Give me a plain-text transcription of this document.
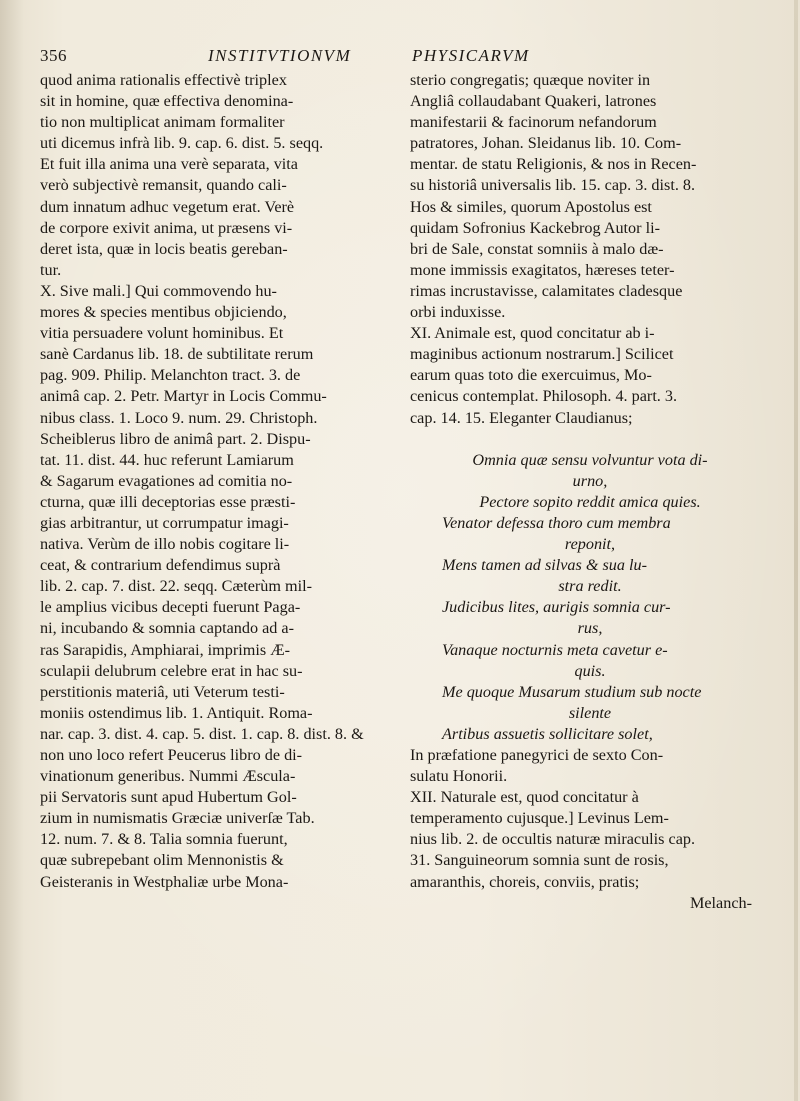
356	INSTITVTIONVM	PHYSICARVM
quod anima rationalis effectivè triplex
sit in homine, quæ effectiva denomina-
tio non multiplicat animam formaliter
uti dicemus infrà lib. 9. cap. 6. dist. 5. seqq.
Et fuit illa anima una verè separata, vita
verò subjectivè remansit, quando cali-
dum innatum adhuc vegetum erat. Verè
de corpore exivit anima, ut præsens vi-
deret ista, quæ in locis beatis gereban-
tur.
X. Sive mali.] Qui commovendo hu-
mores & species mentibus objiciendo,
vitia persuadere volunt hominibus. Et
sanè Cardanus lib. 18. de subtilitate rerum
pag. 909. Philip. Melanchton tract. 3. de
animâ cap. 2. Petr. Martyr in Locis Commu-
nibus class. 1. Loco 9. num. 29. Christoph.
Scheiblerus libro de animâ part. 2. Dispu-
tat. 11. dist. 44. huc referunt Lamiarum
& Sagarum evagationes ad comitia no-
cturna, quæ illi deceptorias esse præsti-
gias arbitrantur, ut corrumpatur imagi-
nativa. Verùm de illo nobis cogitare li-
ceat, & contrarium defendimus suprà
lib. 2. cap. 7. dist. 22. seqq. Cæterùm mil-
le amplius vicibus decepti fuerunt Paga-
ni, incubando & somnia captando ad a-
ras Sarapidis, Amphiarai, imprimis Æ-
sculapii delubrum celebre erat in hac su-
perstitionis materiâ, uti Veterum testi-
moniis ostendimus lib. 1. Antiquit. Roma-
nar. cap. 3. dist. 4. cap. 5. dist. 1. cap. 8. dist. 8. &
non uno loco refert Peucerus libro de di-
vinationum generibus. Nummi Æscula-
pii Servatoris sunt apud Hubertum Gol-
zium in numismatis Græciæ univerſæ Tab.
12. num. 7. & 8. Talia somnia fuerunt,
quæ subrepebant olim Mennonistis &
Geisteranis in Westphaliæ urbe Mona-
sterio congregatis; quæque noviter in
Angliâ collaudabant Quakeri, latrones
manifestarii & facinorum nefandorum
patratores, Johan. Sleidanus lib. 10. Com-
mentar. de statu Religionis, & nos in Recen-
su historiâ universalis lib. 15. cap. 3. dist. 8.
Hos & similes, quorum Apostolus est
quidam Sofronius Kackebrog Autor li-
bri de Sale, constat somniis à malo dæ-
mone immissis exagitatos, hæreses teter-
rimas incrustavisse, calamitates cladesque
orbi induxisse.
XI. Animale est, quod concitatur ab i-
maginibus actionum nostrarum.] Scilicet
earum quas toto die exercuimus, Mo-
cenicus contemplat. Philosoph. 4. part. 3.
cap. 14. 15. Eleganter Claudianus;
Omnia quæ sensu volvuntur vota di-
urno,
Pectore sopito reddit amica quies.
Venator defessa thoro cum membra
reponit,
Mens tamen ad silvas & sua lu-
stra redit.
Judicibus lites, aurigis somnia cur-
rus,
Vanaque nocturnis meta cavetur e-
quis.
Me quoque Musarum studium sub nocte
silente
Artibus assuetis sollicitare solet,
In præfatione panegyrici de sexto Con-
sulatu Honorii.
XII. Naturale est, quod concitatur à
temperamento cujusque.] Levinus Lem-
nius lib. 2. de occultis naturæ miraculis cap.
31. Sanguineorum somnia sunt de rosis,
amaranthis, choreis, conviis, pratis;
Melanch-
